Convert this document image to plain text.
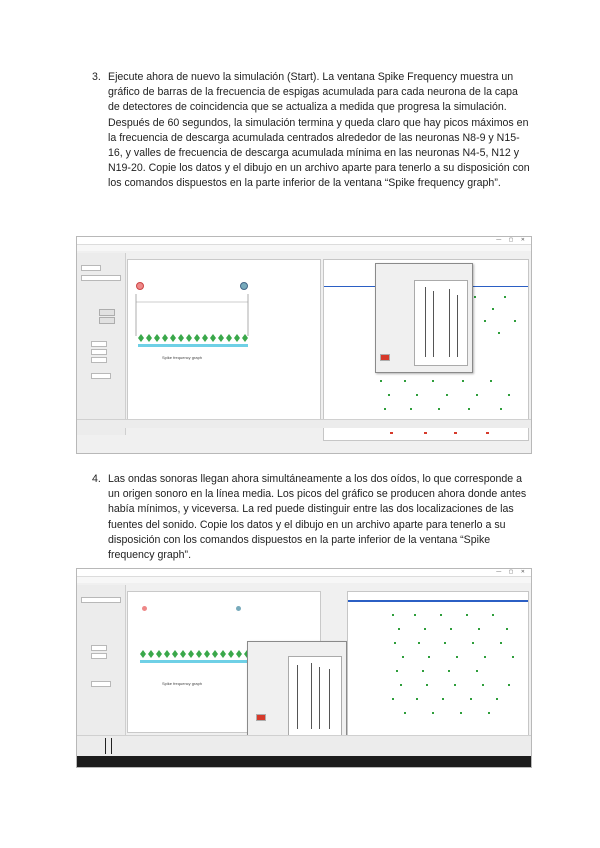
3. Ejecute ahora de nuevo la simulación (Start). La ventana Spike Frequency muestra un gráfico de barras de la frecuencia de espigas acumulada para cada neurona de la capa de detectores de coincidencia que se actualiza a medida que progresa la simulación. Después de 60 segundos, la simulación termina y queda claro que hay picos máximos en la frecuencia de descarga acumulada centrados alrededor de las neuronas N8-9 y N15-16, y valles de frecuencia de descarga acumulada mínima en las neuronas N4-5, N12 y N19-20. Copie los datos y el dibujo en un archivo aparte para tenerlo a su disposición con los comandos dispuestos en la parte inferior de la ventana “Spike frequency graph”.
— ▢ ✕
Spike frequency graph
4. Las ondas sonoras llegan ahora simultáneamente a los dos oídos, lo que corresponde a un origen sonoro en la línea media. Los picos del gráfico se producen ahora donde antes había mínimos, y viceversa. La red puede distinguir entre las dos localizaciones de las fuentes del sonido. Copie los datos y el dibujo en un archivo aparte para tenerlo a su disposición con los comandos dispuestos en la parte inferior de la ventana “Spike frequency graph”.
— ▢ ✕
Spike frequency graph
